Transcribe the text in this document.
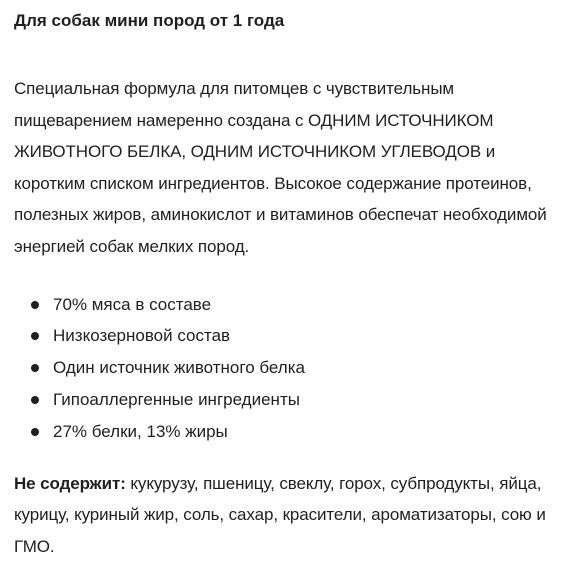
Для собак мини пород от 1 года

Специальная формула для питомцев с чувствительным пищеварением намеренно создана с ОДНИМ ИСТОЧНИКОМ ЖИВОТНОГО БЕЛКА, ОДНИМ ИСТОЧНИКОМ УГЛЕВОДОВ и коротким списком ингредиентов. Высокое содержание протеинов, полезных жиров, аминокислот и витаминов обеспечат необходимой энергией собак мелких пород.

70% мяса в составе
Низкозерновой состав
Один источник животного белка
Гипоаллергенные ингредиенты
27% белки, 13% жиры

Не содержит: кукурузу, пшеницу, свеклу, горох, субпродукты, яйца, курицу, куриный жир, соль, сахар, красители, ароматизаторы, сою и ГМО.
